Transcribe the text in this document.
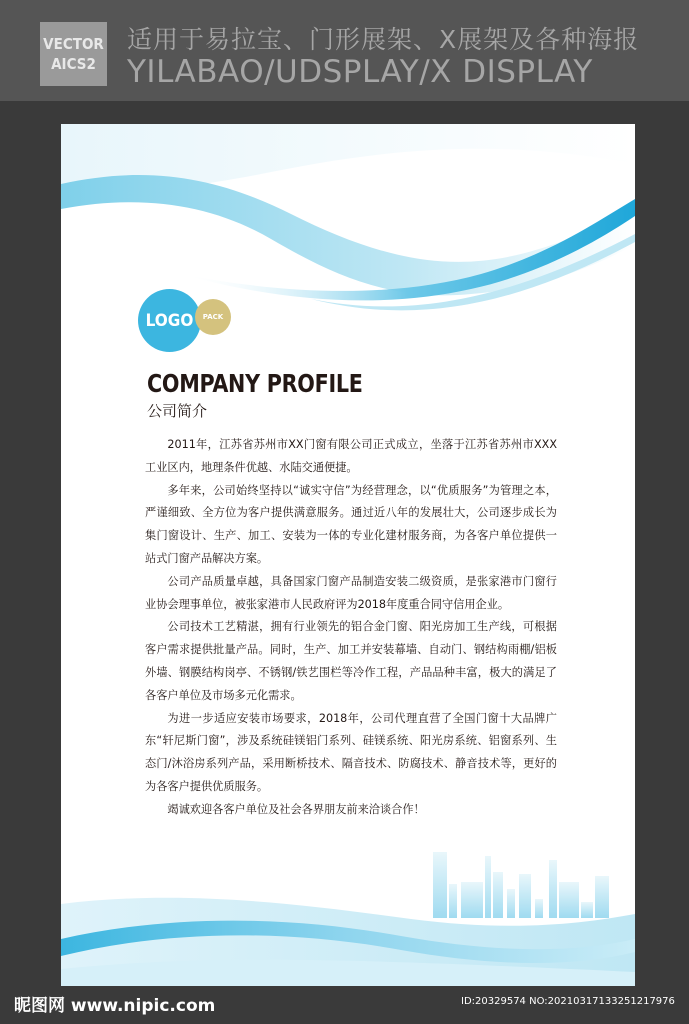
VECTOR
AICS2
适用于易拉宝、门形展架、X展架及各种海报
YILABAO/UDSPLAY/X DISPLAY
LOGO	PACK
COMPANY PROFILE
公司简介

2011年，江苏省苏州市XX门窗有限公司正式成立，坐落于江苏省苏州市XXX工业区内，地理条件优越、水陆交通便捷。

多年来，公司始终坚持以“诚实守信”为经营理念，以“优质服务”为管理之本，严谨细致、全方位为客户提供满意服务。通过近八年的发展壮大，公司逐步成长为集门窗设计、生产、加工、安装为一体的专业化建材服务商，为各客户单位提供一站式门窗产品解决方案。

公司产品质量卓越，具备国家门窗产品制造安装二级资质，是张家港市门窗行业协会理事单位，被张家港市人民政府评为2018年度重合同守信用企业。

公司技术工艺精湛，拥有行业领先的铝合金门窗、阳光房加工生产线，可根据客户需求提供批量产品。同时，生产、加工并安装幕墙、自动门、钢结构雨棚/铝板外墙、钢膜结构岗亭、不锈钢/铁艺围栏等冷作工程，产品品种丰富，极大的满足了各客户单位及市场多元化需求。

为进一步适应安装市场要求，2018年，公司代理直营了全国门窗十大品牌广东“轩尼斯门窗”，涉及系统硅镁铝门系列、硅镁系统、阳光房系统、铝窗系列、生态门/沐浴房系列产品，采用断桥技术、隔音技术、防腐技术、静音技术等，更好的为各客户提供优质服务。

竭诚欢迎各客户单位及社会各界朋友前来洽谈合作！

昵图网 www.nipic.com	ID:20329574 NO:20210317133251217976
